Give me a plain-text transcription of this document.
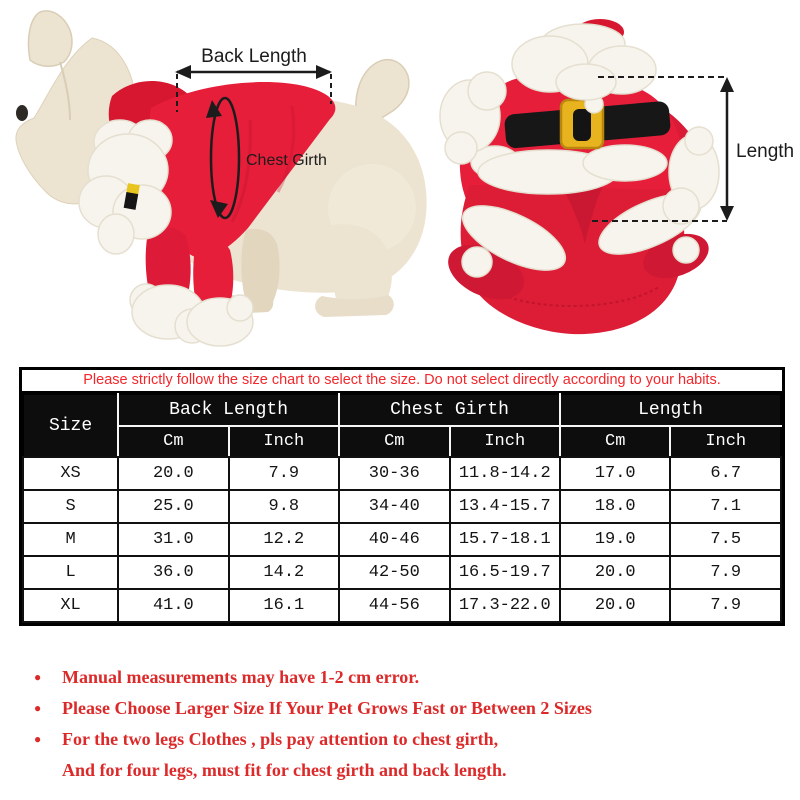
Back Length
Chest Girth	Length
Please strictly follow the size chart to select the size. Do not select directly according to your habits.
Size	Back Length		Chest Girth		Length	
	Cm	Inch	Cm	Inch	Cm	Inch
XS	20.0	7.9	30-36	11.8-14.2	17.0	6.7
S	25.0	9.8	34-40	13.4-15.7	18.0	7.1
M	31.0	12.2	40-46	15.7-18.1	19.0	7.5
L	36.0	14.2	42-50	16.5-19.7	20.0	7.9
XL	41.0	16.1	44-56	17.3-22.0	20.0	7.9
●	Manual measurements may have 1-2 cm error.
●	Please Choose Larger Size If Your Pet Grows Fast or Between 2 Sizes
●	For the two legs Clothes , pls pay attention to chest girth,
And for four legs, must fit for chest girth and back length.
